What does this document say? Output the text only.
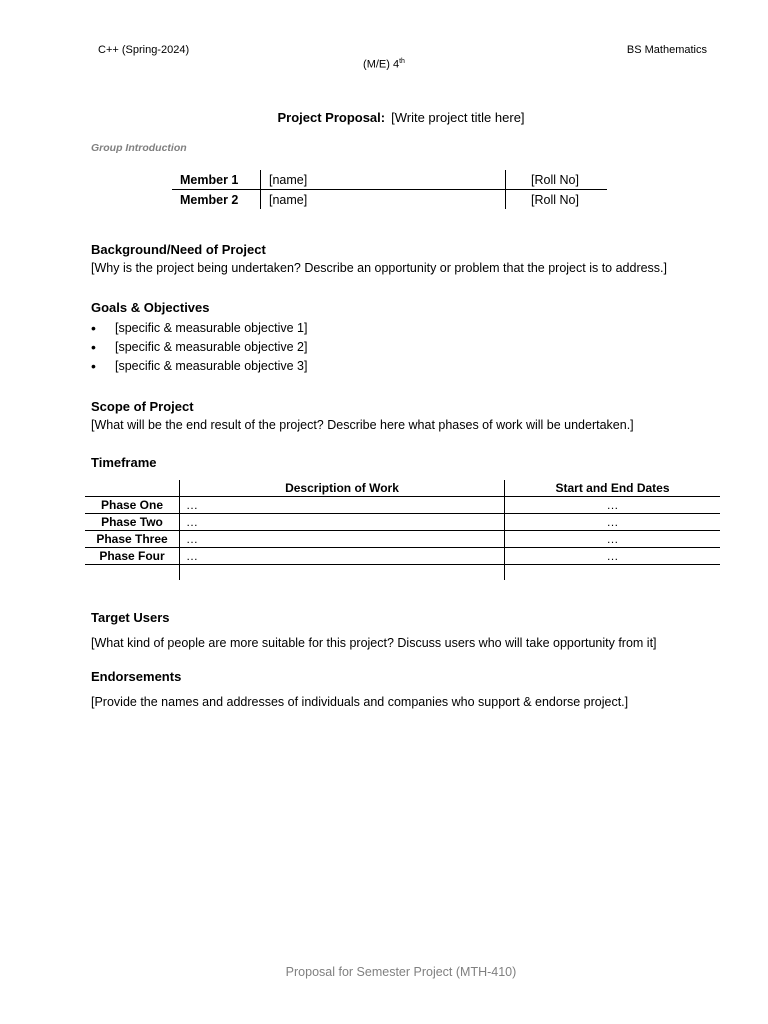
C++ (Spring-2024)	BS Mathematics
(M/E) 4th
Project Proposal: [Write project title here]
Group Introduction
Member 1	[name]	[Roll No]
Member 2	[name]	[Roll No]
Background/Need of Project
[Why is the project being undertaken? Describe an opportunity or problem that the project is to address.]
Goals & Objectives
• [specific & measurable objective 1]
• [specific & measurable objective 2]
• [specific & measurable objective 3]
Scope of Project
[What will be the end result of the project? Describe here what phases of work will be undertaken.]
Timeframe
	Description of Work	Start and End Dates
Phase One	…	…
Phase Two	…	…
Phase Three	…	…
Phase Four	…	…

Target Users
[What kind of people are more suitable for this project? Discuss users who will take opportunity from it]
Endorsements
[Provide the names and addresses of individuals and companies who support & endorse project.]
Proposal for Semester Project (MTH-410)
